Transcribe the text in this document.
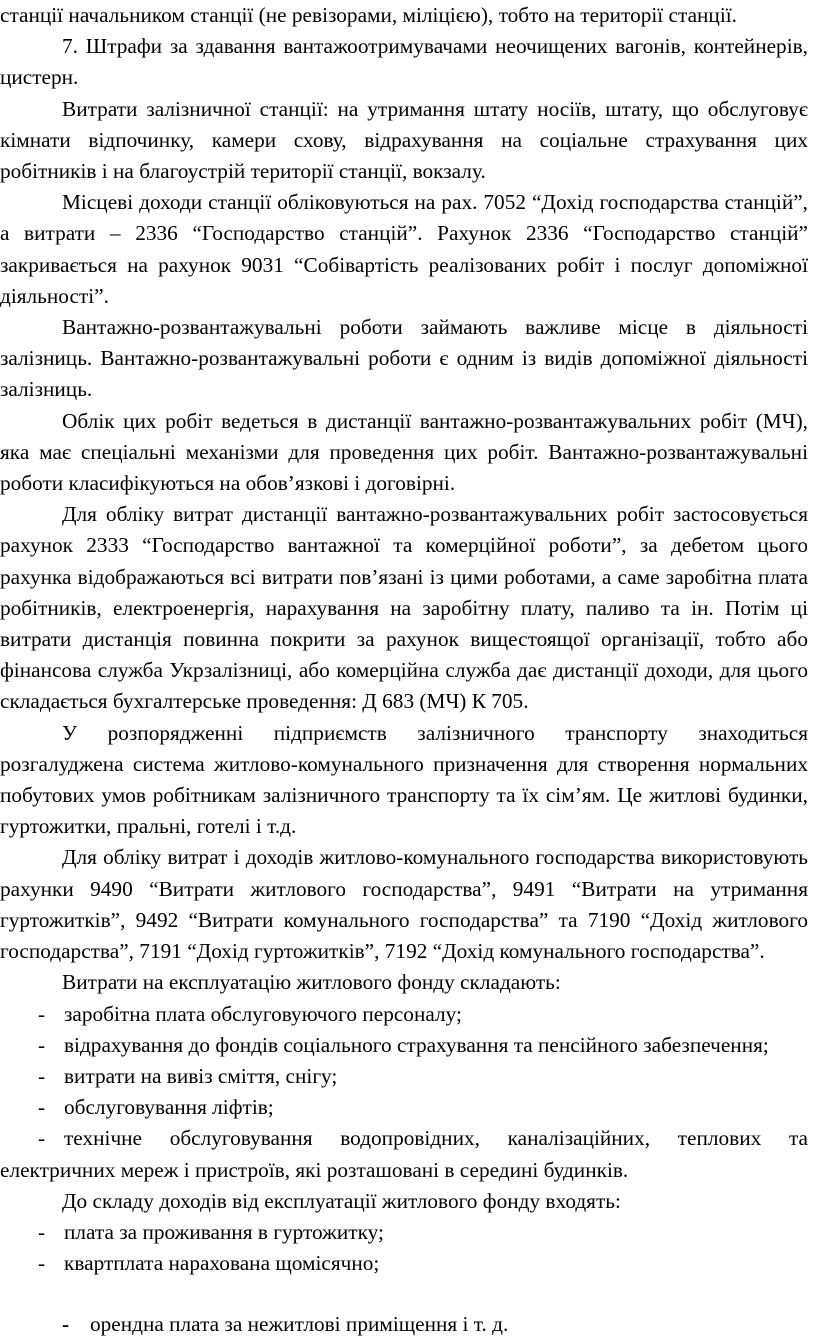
станції начальником станції (не ревізорами, міліцією), тобто на території станції.

7. Штрафи за здавання вантажоотримувачами неочищених вагонів, контейнерів, цистерн.

Витрати залізничної станції: на утримання штату носіїв, штату, що обслуговує кімнати відпочинку, камери схову, відрахування на соціальне страхування цих робітників і на благоустрій території станції, вокзалу.

Місцеві доходи станції обліковуються на рах. 7052 “Дохід господарства станцій”, а витрати – 2336 “Господарство станцій”. Рахунок 2336 “Господарство станцій” закривається на рахунок 9031 “Собівартість реалізованих робіт і послуг допоміжної діяльності”.

Вантажно-розвантажувальні роботи займають важливе місце в діяльності залізниць. Вантажно-розвантажувальні роботи є одним із видів допоміжної діяльності залізниць.

Облік цих робіт ведеться в дистанції вантажно-розвантажувальних робіт (МЧ), яка має спеціальні механізми для проведення цих робіт. Вантажно-розвантажувальні роботи класифікуються на обов’язкові і договірні.

Для обліку витрат дистанції вантажно-розвантажувальних робіт застосовується рахунок 2333 “Господарство вантажної та комерційної роботи”, за дебетом цього рахунка відображаються всі витрати пов’язані із цими роботами, а саме заробітна плата робітників, електроенергія, нарахування на заробітну плату, паливо та ін. Потім ці витрати дистанція повинна покрити за рахунок вищестоящої організації, тобто або фінансова служба Укрзалізниці, або комерційна служба дає дистанції доходи, для цього складається бухгалтерське проведення: Д 683 (МЧ) К 705.

У розпорядженні підприємств залізничного транспорту знаходиться розгалуджена система житлово-комунального призначення для створення нормальних побутових умов робітникам залізничного транспорту та їх сім’ям. Це житлові будинки, гуртожитки, пральні, готелі і т.д.

Для обліку витрат і доходів житлово-комунального господарства використовують рахунки 9490 “Витрати житлового господарства”, 9491 “Витрати на утримання гуртожитків”, 9492 “Витрати комунального господарства” та 7190 “Дохід житлового господарства”, 7191 “Дохід гуртожитків”, 7192 “Дохід комунального господарства”.

Витрати на експлуатацію житлового фонду складають:

- заробітна плата обслуговуючого персоналу;

- відрахування до фондів соціального страхування та пенсійного забезпечення;

- витрати на вивіз сміття, снігу;

- обслуговування ліфтів;

- технічне обслуговування водопровідних, каналізаційних, теплових та електричних мереж і пристроїв, які розташовані в середині будинків.

До складу доходів від експлуатації житлового фонду входять:

- плата за проживання в гуртожитку;

- квартплата нарахована щомісячно;

- орендна плата за нежитлові приміщення і т. д.
